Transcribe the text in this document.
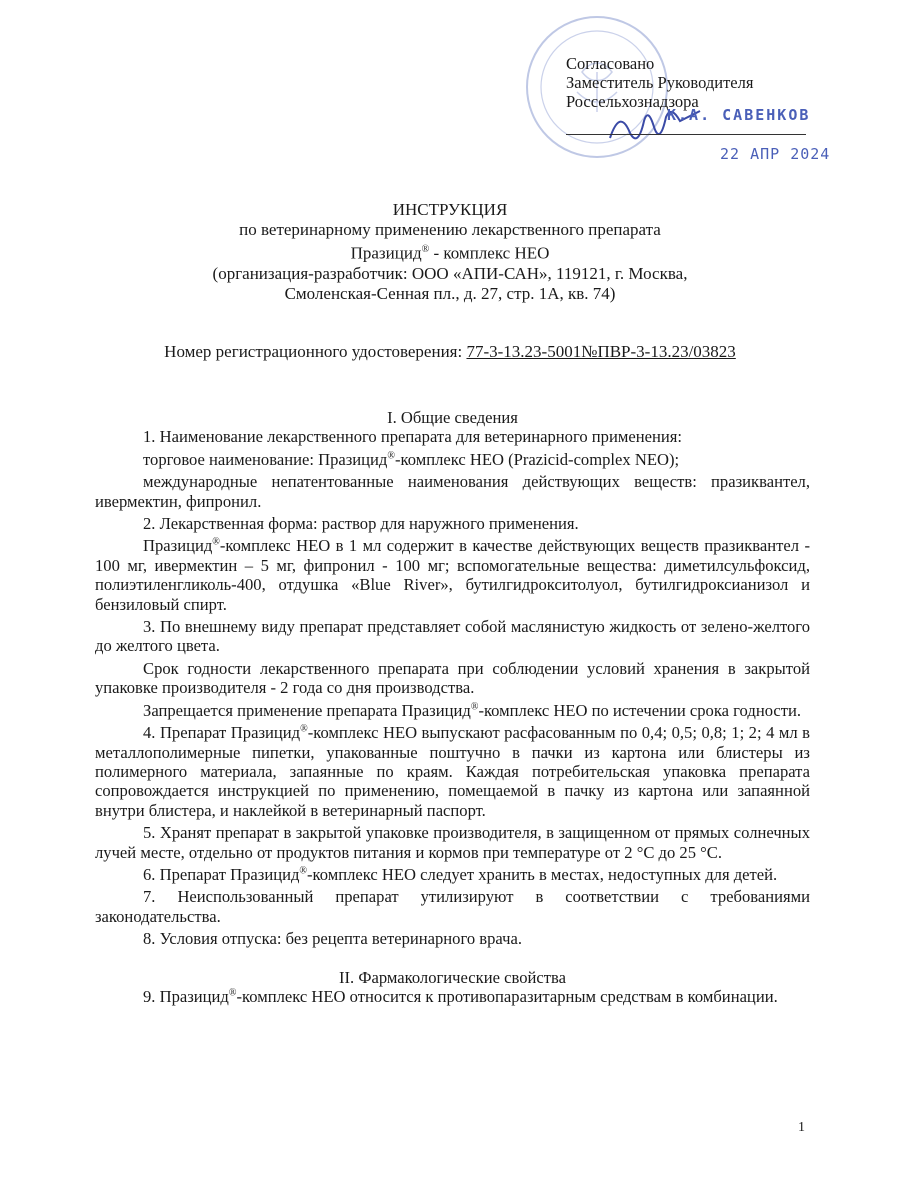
Согласовано
Заместитель Руководителя
Россельхознадзора
К.А. САВЕНКОВ
22 АПР 2024
ИНСТРУКЦИЯ
по ветеринарному применению лекарственного препарата
Празицид® - комплекс НЕО
(организация-разработчик: ООО «АПИ-САН», 119121, г. Москва,
Смоленская-Сенная пл., д. 27, стр. 1А, кв. 74)
Номер регистрационного удостоверения: 77-3-13.23-5001№ПВР-3-13.23/03823
I. Общие сведения

1. Наименование лекарственного препарата для ветеринарного применения:

торговое наименование: Празицид®-комплекс НЕО (Prazicid-complex NEO);

международные непатентованные наименования действующих веществ: празиквантел, ивермектин, фипронил.

2. Лекарственная форма: раствор для наружного применения.

Празицид®-комплекс НЕО в 1 мл содержит в качестве действующих веществ празиквантел - 100 мг, ивермектин – 5 мг, фипронил - 100 мг; вспомогательные вещества: диметилсульфоксид, полиэтиленгликоль-400, отдушка «Blue River», бутилгидрокситолуол, бутилгидроксианизол и бензиловый спирт.

3. По внешнему виду препарат представляет собой маслянистую жидкость от зелено-желтого до желтого цвета.

Срок годности лекарственного препарата при соблюдении условий хранения в закрытой упаковке производителя - 2 года со дня производства.

Запрещается применение препарата Празицид®-комплекс НЕО по истечении срока годности.

4. Препарат Празицид®-комплекс НЕО выпускают расфасованным по 0,4; 0,5; 0,8; 1; 2; 4 мл в металлополимерные пипетки, упакованные поштучно в пачки из картона или блистеры из полимерного материала, запаянные по краям. Каждая потребительская упаковка препарата сопровождается инструкцией по применению, помещаемой в пачку из картона или запаянной внутри блистера, и наклейкой в ветеринарный паспорт.

5. Хранят препарат в закрытой упаковке производителя, в защищенном от прямых солнечных лучей месте, отдельно от продуктов питания и кормов при температуре от 2 °С до 25 °С.

6. Препарат Празицид®-комплекс НЕО следует хранить в местах, недоступных для детей.

7. Неиспользованный препарат утилизируют в соответствии с требованиями законодательства.

8. Условия отпуска: без рецепта ветеринарного врача.

II. Фармакологические свойства

9. Празицид®-комплекс НЕО относится к противопаразитарным средствам в комбинации.

1
